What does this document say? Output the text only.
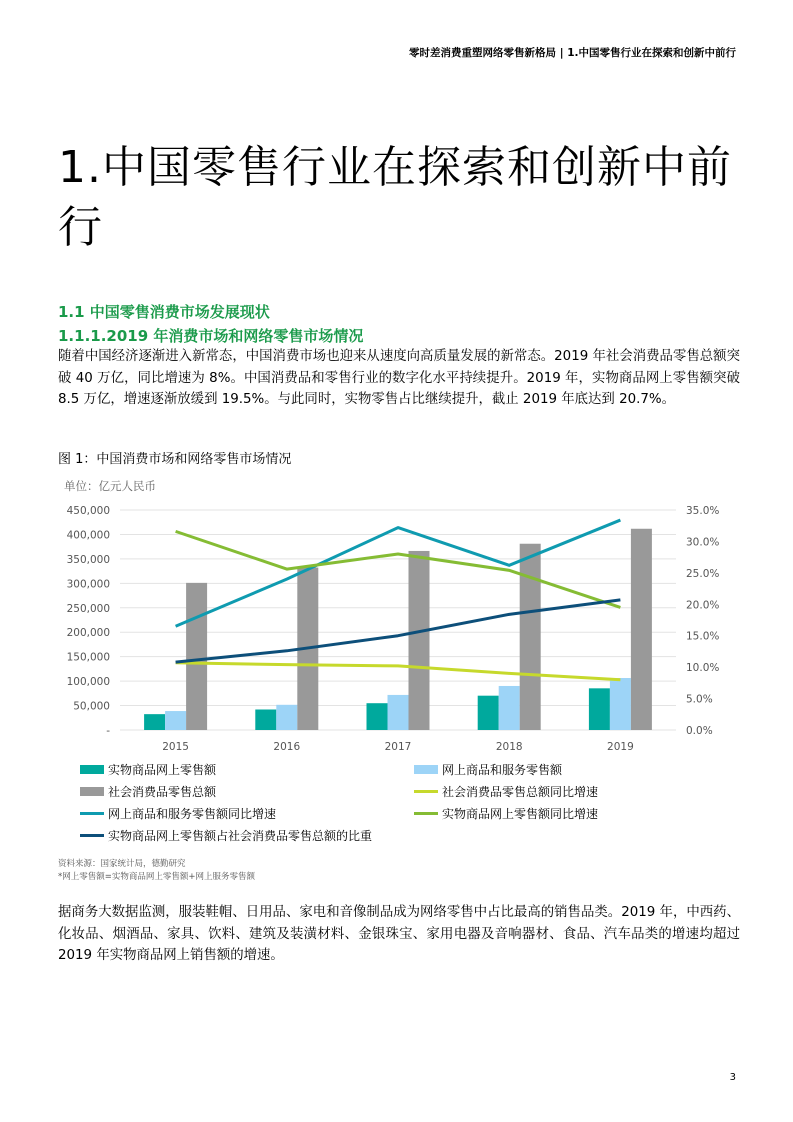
零时差消费重塑网络零售新格局 | 1.中国零售行业在探索和创新中前行
1.中国零售行业在探索和创新中前行
1.1 中国零售消费市场发展现状
1.1.1.2019 年消费市场和网络零售市场情况

随着中国经济逐渐进入新常态，中国消费市场也迎来从速度向高质量发展的新常态。2019 年社会消费品零售总额突破 40 万亿，同比增速为 8%。中国消费品和零售行业的数字化水平持续提升。2019 年，实物商品网上零售额突破 8.5 万亿，增速逐渐放缓到 19.5%。与此同时，实物零售占比继续提升，截止 2019 年底达到 20.7%。

图 1：中国消费市场和网络零售市场情况

单位：亿元人民币

-
50,000
100,000
150,000
200,000
250,000
300,000
350,000
400,000
450,000
0.0%
5.0%
10.0%
15.0%
20.0%
25.0%
30.0%
35.0%
2015	2016	2017	2018	2019
实物商品网上零售额	网上商品和服务零售额
社会消费品零售总额	社会消费品零售总额同比增速
网上商品和服务零售额同比增速	实物商品网上零售额同比增速
实物商品网上零售额占社会消费品零售总额的比重

资料来源：国家统计局，德勤研究
*网上零售额=实物商品网上零售额+网上服务零售额

据商务大数据监测，服装鞋帽、日用品、家电和音像制品成为网络零售中占比最高的销售品类。2019 年，中西药、化妆品、烟酒品、家具、饮料、建筑及装潢材料、金银珠宝、家用电器及音响器材、食品、汽车品类的增速均超过 2019 年实物商品网上销售额的增速。

3
